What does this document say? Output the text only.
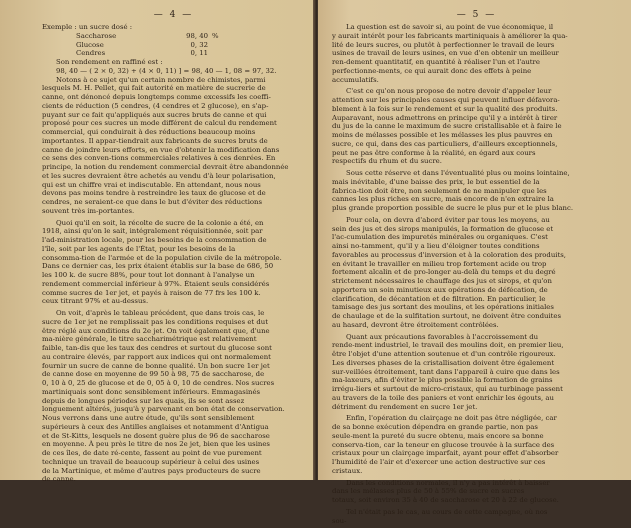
— 4 —

Exemple : un sucre dosé :

Saccharose	98, 40 %
Glucose	0, 32
Cendres	0, 11

Son rendement en raffiné est :

98, 40 — ( 2 × 0, 32) + (4 × 0, 11) ] = 98, 40 — 1, 08 = 97, 32.

Notons à ce sujet qu'un certain nombre de chimistes, parmi

lesquels M. H. Pellet, qui fait autorité en matière de sucrerie de

canne, ont dénoncé depuis longtemps comme excessifs les coeffi-

cients de réduction (5 cendres, (4 cendres et 2 glucose), en s'ap-

puyant sur ce fait qu'appliqués aux sucres bruts de canne et qui

proposé pour ces sucres un mode différent de calcul du rendement

commercial, qui conduirait à des réductions beaucoup moins

importantes. Il appar-tiendrait aux fabricants de sucres bruts de

canne de joindre leurs efforts, en vue d'obtenir la modification dans

ce sens des conven-tions commerciales relatives à ces denrées. En

principe, la notion du rendement commercial devrait être abandonnée

et les sucres devraient être achetés au vendu d'à leur polarisation,

qui est un chiffre vrai et indiscutable. En attendant, nous nous

devons pas moins tendre à restreindre les taux de glucose et de

cendres, ne seraient-ce que dans le but d'éviter des réductions

souvent très im-portantes.

Quoi qu'il en soit, la récolte de sucre de la colonie a été, en

1918, ainsi qu'on le sait, intégralement réquisitionnée, soit par

l'ad-ministration locale, pour les besoins de la consommation de

l'île, soit par les agents de l'État, pour les besoins de la

consomma-tion de l'armée et de la population civile de la métropole.

Dans ce dernier cas, les prix étaient établis sur la base de 686, 50

les 100 k. de sucre 88%, pour tout lot donnant à l'analyse un

rendement commercial inférieur à 97%. Étaient seuls considérés

comme sucres de 1er jet, et payés à raison de 77 frs les 100 k.

ceux titrant 97% et au-dessus.

On voit, d'après le tableau précédent, que dans trois cas, le

sucre de 1er jet ne remplissait pas les conditions requises et dut

être réglé aux conditions du 2e jet. On voit également que, d'une

ma-nière générale, le titre saccharimétrique est relativement

faible, tan-dis que les taux des cendres et surtout du glucose sont

au contraire élevés, par rapport aux indices qui ont normalement

fournir un sucre de canne de bonne qualité. Un bon sucre 1er jet

de canne dose en moyenne de 99 50 à 98, 75 de saccharose, de

0, 10 à 0, 25 de glucose et de 0, 05 à 0, 10 de cendres. Nos sucres

martiniquais sont donc sensiblement inférieurs. Emmagasinés

depuis de longues périodes sur les quais, ils se sont assez

longuement altérés, jusqu'à y parvenant en bon état de conservation.

Nous verrons dans une autre étude, qu'ils sont sensiblement

supérieurs à ceux des Antilles anglaises et notamment d'Antigua

et de St-Kitts, lesquels ne dosent guère plus de 96 de saccharose

en moyenne. À peu près le titre de nos 2e jet, bien que les usines

de ces îles, de date ré-cente, fassent au point de vue purement

technique un travail de beaucoup supérieur à celui des usines

de la Martinique, et même d'autres pays producteurs de sucre

de canne.

— 5 —

La question est de savoir si, au point de vue économique, il

y aurait intérêt pour les fabricants martiniquais à améliorer la qua-

lité de leurs sucres, ou plutôt à perfectionner le travail de leurs

usines de travail de leurs usines, en vue d'en obtenir un meilleur

ren-dement quantitatif, en quantité à réaliser l'un et l'autre

perfectionne-ments, ce qui aurait donc des effets à peine

accumulatifs.

C'est ce qu'on nous propose de notre devoir d'appeler leur

attention sur les principales causes qui peuvent influer défavora-

blement à la fois sur le rendement et sur la qualité des produits.

Auparavant, nous admettrons en principe qu'il y a intérêt à tirer

du jus de la canne le maximum de sucre cristallisable et à faire le

moins de mélasses possible et les mélasses les plus pauvres en

sucre, ce qui, dans des cas particuliers, d'ailleurs exceptionnels,

peut ne pas être conforme à la réalité, en égard aux cours

respectifs du rhum et du sucre.

Sous cette réserve et dans l'éventualité plus ou moins lointaine,

mais inévitable, d'une baisse des prix, le but essentiel de la

fabrica-tion doit être, non seulement de ne manipuler que les

cannes les plus riches en sucre, mais encore de n'en extraire la

plus grande proportion possible de sucre le plus pur et le plus blanc.

Pour cela, on devra d'abord éviter par tous les moyens, au

sein des jus et des sirops manipulés, la formation de glucose et

l'ac-cumulation des impuretés minérales ou organiques. C'est

ainsi no-tamment, qu'il y a lieu d'éloigner toutes conditions

favorables au processus d'inversion et à la coloration des produits,

en évitant le travailler en milieu trop fortement acide ou trop

fortement alcalin et de pro-longer au-delà du temps et du degré

strictement nécessaires le chauffage des jus et sirops, et qu'on

apportera un soin minutieux aux opérations de défécation, de

clarification, de décantation et de filtration. En particulier, le

tamisage des jus sortant des moulins, et les opérations initiales

de chaulage et de la sulfitation surtout, ne doivent être conduites

au hasard, devront être étroitement contrôlées.

Quant aux précautions favorables à l'accroissement du

rende-ment industriel, le travail des moulins doit, en premier lieu,

être l'objet d'une attention soutenue et d'un contrôle rigoureux.

Les diverses phases de la cristallisation doivent être également

sur-veillées étroitement, tant dans l'appareil à cuire que dans les

ma-laxeurs, afin d'éviter le plus possible la formation de grains

irrégu-liers et surtout de micro-cristaux, qui au turbinage passent

au travers de la toile des paniers et vont enrichir les égouts, au

détriment du rendement en sucre 1er jet.

Enfin, l'opération du clairçage ne doit pas être négligée, car

de sa bonne exécution dépendra en grande partie, non pas

seule-ment la pureté du sucre obtenu, mais encore sa bonne

conserva-tion, car la teneur en glucose trouvée à la surface des

cristaux pour un clairçage imparfait, ayant pour effet d'absorber

l'humidité de l'air et d'exercer une action destructive sur ces

cristaux.

Dans les conditions normales, il n'y a pas intérêt à baisser

dans les mélasses plus de 50 à 55% de sucre en sucres

totaux, soit environ 35 à 40 de saccharose et 20 à 22 de glucose.

Tel n'était pas le cas, au cours de cette campagne, où nos

sou-
